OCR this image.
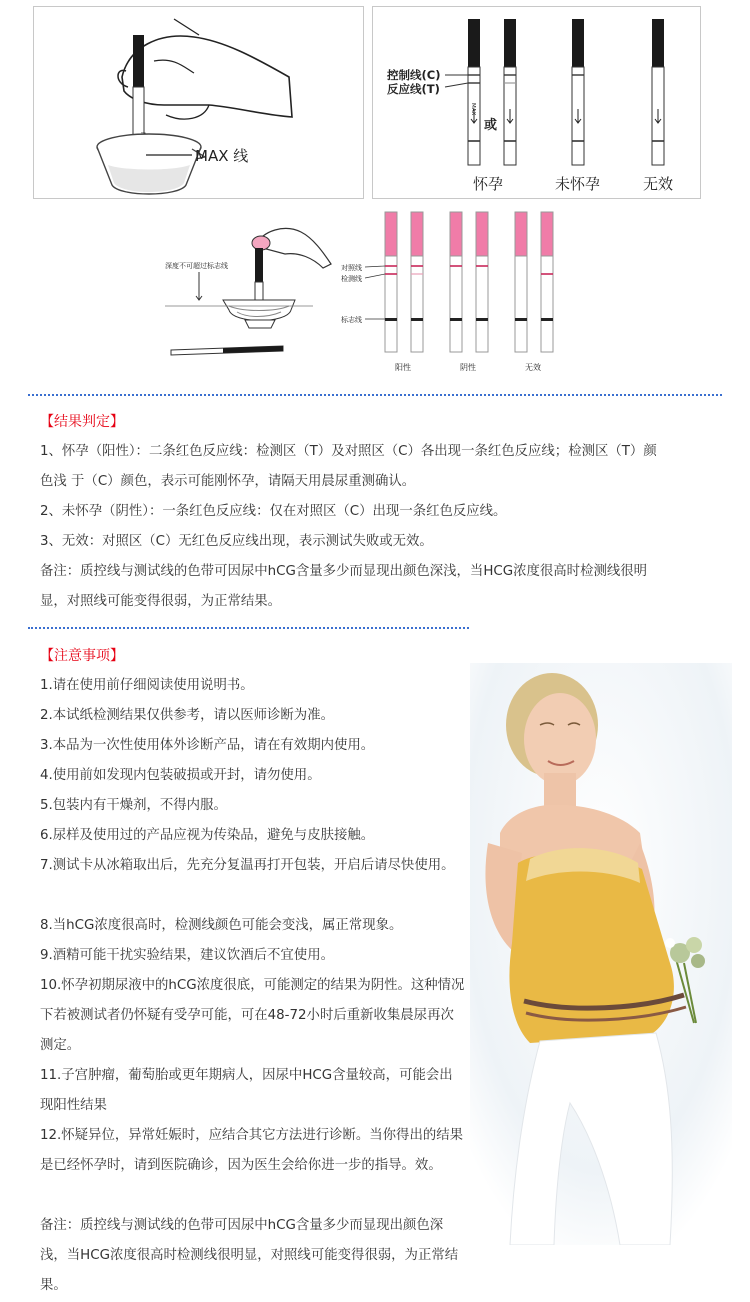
MAX 线
MAX
控制线(C)
反应线(T)
或
怀孕	未怀孕	无效
深度不可超过标志线	对照线
检测线
标志线
阳性	阴性	无效
【结果判定】
1、怀孕（阳性）：二条红色反应线：检测区（T）及对照区（C）各出现一条红色反应线；检测区（T）颜
色浅 于（C）颜色，表示可能刚怀孕，请隔天用晨尿重测确认。
2、未怀孕（阴性）：一条红色反应线：仅在对照区（C）出现一条红色反应线。
3、无效：对照区（C）无红色反应线出现，表示测试失败或无效。
备注：质控线与测试线的色带可因尿中hCG含量多少而显现出颜色深浅，当HCG浓度很高时检测线很明
显，对照线可能变得很弱，为正常结果。
【注意事项】
1.请在使用前仔细阅读使用说明书。
2.本试纸检测结果仅供参考，请以医师诊断为准。
3.本品为一次性使用体外诊断产品，请在有效期内使用。
4.使用前如发现内包装破损或开封，请勿使用。
5.包装内有干燥剂，不得内服。
6.尿样及使用过的产品应视为传染品，避免与皮肤接触。
7.测试卡从冰箱取出后，先充分复温再打开包装，开启后请尽快使用。
8.当hCG浓度很高时，检测线颜色可能会变浅，属正常现象。
9.酒精可能干扰实验结果，建议饮酒后不宜使用。
10.怀孕初期尿液中的hCG浓度很底，可能测定的结果为阴性。这种情况下若被测试者仍怀疑有受孕可能，可在48-72小时后重新收集晨尿再次测定。
11.子宫肿瘤，葡萄胎或更年期病人，因尿中HCG含量较高，可能会出现阳性结果
12.怀疑异位，异常妊娠时，应结合其它方法进行诊断。当你得出的结果是已经怀孕时，请到医院确诊，因为医生会给你进一步的指导。效。
备注：质控线与测试线的色带可因尿中hCG含量多少而显现出颜色深浅，当HCG浓度很高时检测线很明显，对照线可能变得很弱，为正常结果。
